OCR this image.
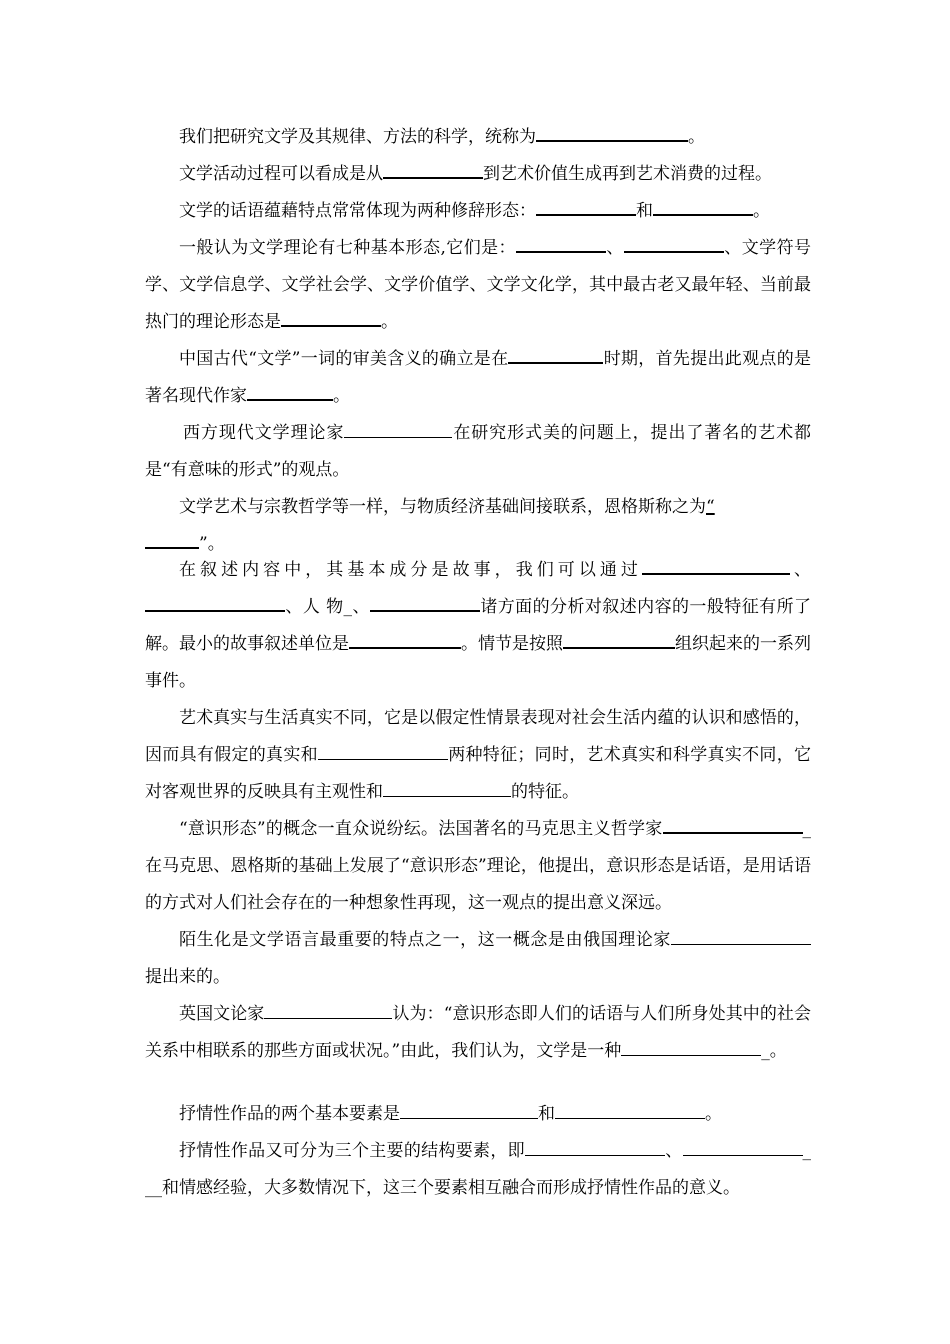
我们把研究文学及其规律、方法的科学，统称为	。

文学活动过程可以看成是从	到艺术价值生成再到艺术消费的过程。

文学的话语蕴藉特点常常体现为两种修辞形态：	和	。

一般认为文学理论有七种基本形态,它们是：	、	、文学符号学、文学信息学、文学社会学、文学价值学、文学文化学，其中最古老又最年轻、当前最热门的理论形态是	。

中国古代“文学”一词的审美含义的确立是在	时期，首先提出此观点的是著名现代作家	。

西方现代文学理论家	在研究形式美的问题上，提出了著名的艺术都是“有意味的形式”的观点。

文学艺术与宗教哲学等一样，与物质经济基础间接联系，恩格斯称之为“
”。

在叙述内容中，其基本成分是故事，我们可以通过	、、人 物_、	诸方面的分析对叙述内容的一般特征有所了解。 最小的故事叙述单位是	。情节是按照	组织起来的一系列事件。

艺术真实与生活真实不同，它是以假定性情景表现对社会生活内蕴的认识和感悟的，因而具有假定的真实和	两种特征；同时，艺术真实和科学真实不同，它对客观世界的反映具有主观性和	的特征。

“意识形态”的概念一直众说纷纭。法国著名的马克思主义哲学家	_在马克思、恩格斯的基础上发展了“意识形态”理论，他提出，意识形态是话语，是用话语的方式对人们社会存在的一种想象性再现，这一观点的提出意义深远。

陌生化是文学语言最重要的特点之一，这一概念是由俄国理论家提出来的。

英国文论家	认为：“意识形态即人们的话语与人们所身处其中的社会关系中相联系的那些方面或状况。”由此，我们认为，文学是一种	_。

抒情性作品的两个基本要素是	和	。

抒情性作品又可分为三个主要的结构要素，即	、	___和情感经验，大多数情况下，这三个要素相互融合而形成抒情性作品的意义。
